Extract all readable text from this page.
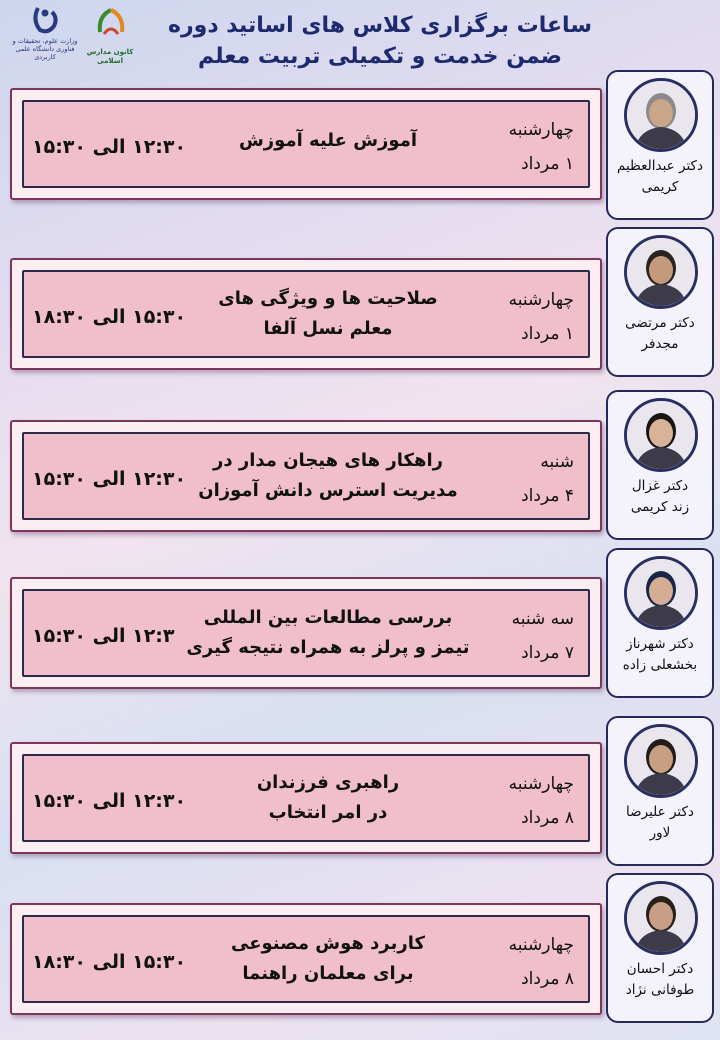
وزارت علوم، تحقیقات و فناوری دانشگاه علمی کاربردی
کانون مدارس اسلامی
ساعات برگزاری کلاس های اساتید دوره
ضمن خدمت و تکمیلی تربیت معلم
چهارشنبه
۱ مرداد
آموزش علیه آموزش
۱۲:۳۰ الی ۱۵:۳۰
دکتر عبدالعظیم
کریمی
چهارشنبه
۱ مرداد
صلاحیت ها و ویژگی های
معلم نسل آلفا
۱۵:۳۰ الی ۱۸:۳۰	دکتر مرتضی
مجدفر
شنبه
۴ مرداد
راهکار های هیجان مدار در
مدیریت استرس دانش آموزان
۱۲:۳۰ الی ۱۵:۳۰	دکتر غزال
زند کریمی
سه شنبه
۷ مرداد
بررسی مطالعات بین المللی
تیمز و پرلز به همراه نتیجه گیری
۱۲:۳ الی ۱۵:۳۰	دکتر شهرناز
بخشعلی زاده
چهارشنبه
۸ مرداد
راهبری فرزندان
در امر انتخاب
۱۲:۳۰ الی ۱۵:۳۰	دکتر علیرضا
لاور
چهارشنبه
۸ مرداد
کاربرد هوش مصنوعی
برای معلمان راهنما
۱۵:۳۰ الی ۱۸:۳۰	دکتر احسان
طوفانی نژاد
